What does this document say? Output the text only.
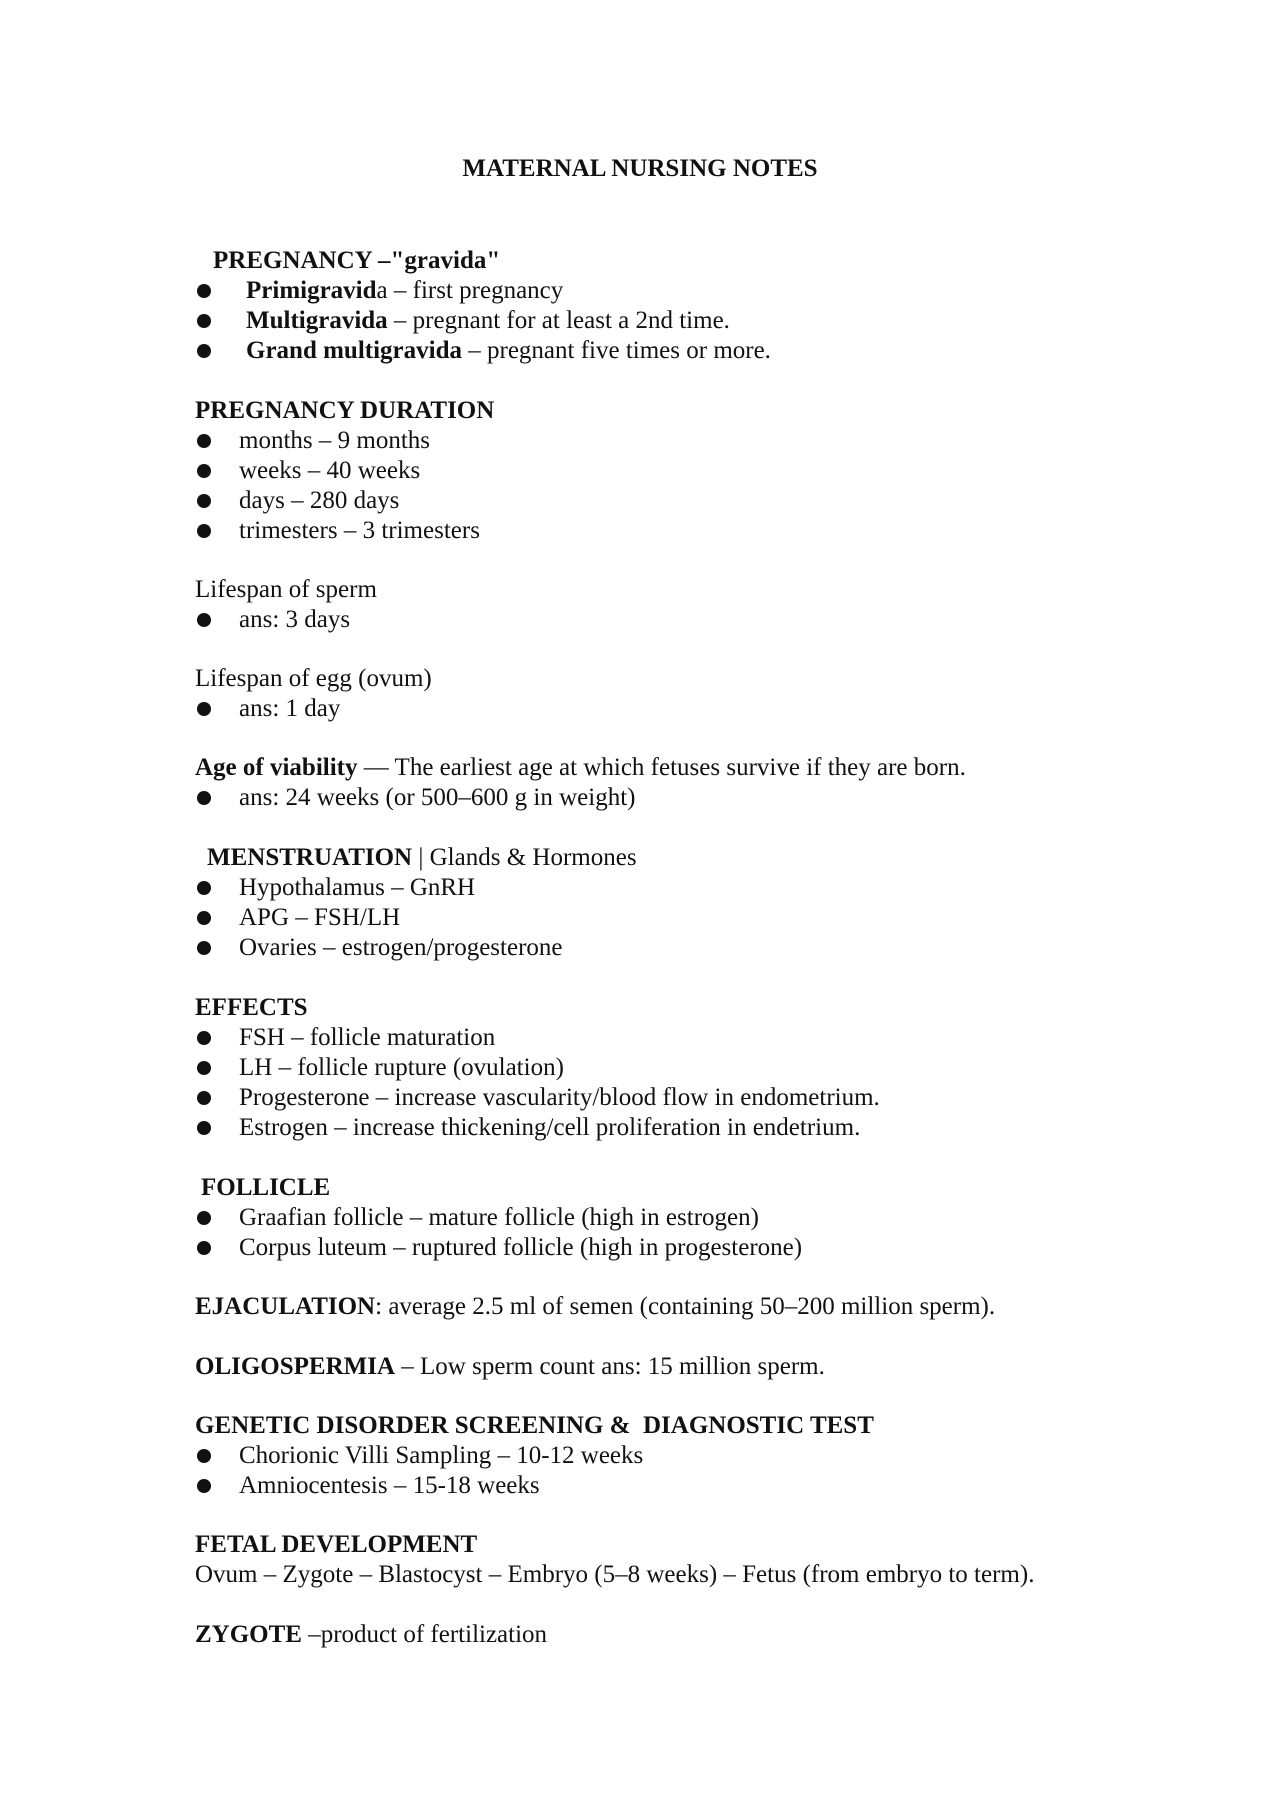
MATERNAL NURSING NOTES
PREGNANCY –"gravida"
Primigravida – first pregnancy
Multigravida – pregnant for at least a 2nd time.
Grand multigravida – pregnant five times or more.
PREGNANCY DURATION
months – 9 months
weeks – 40 weeks
days – 280 days
trimesters – 3 trimesters
Lifespan of sperm
ans: 3 days
Lifespan of egg (ovum)
ans: 1 day
Age of viability — The earliest age at which fetuses survive if they are born.
ans: 24 weeks (or 500–600 g in weight)
MENSTRUATION | Glands & Hormones
Hypothalamus – GnRH
APG – FSH/LH
Ovaries – estrogen/progesterone
EFFECTS
FSH – follicle maturation
LH – follicle rupture (ovulation)
Progesterone – increase vascularity/blood flow in endometrium.
Estrogen – increase thickening/cell proliferation in endetrium.
FOLLICLE
Graafian follicle – mature follicle (high in estrogen)
Corpus luteum – ruptured follicle (high in progesterone)
EJACULATION: average 2.5 ml of semen (containing 50–200 million sperm).
OLIGOSPERMIA – Low sperm count ans: 15 million sperm.
GENETIC DISORDER SCREENING &  DIAGNOSTIC TEST
Chorionic Villi Sampling – 10-12 weeks
Amniocentesis – 15-18 weeks
FETAL DEVELOPMENT
Ovum – Zygote – Blastocyst – Embryo (5–8 weeks) – Fetus (from embryo to term).
ZYGOTE –product of fertilization
